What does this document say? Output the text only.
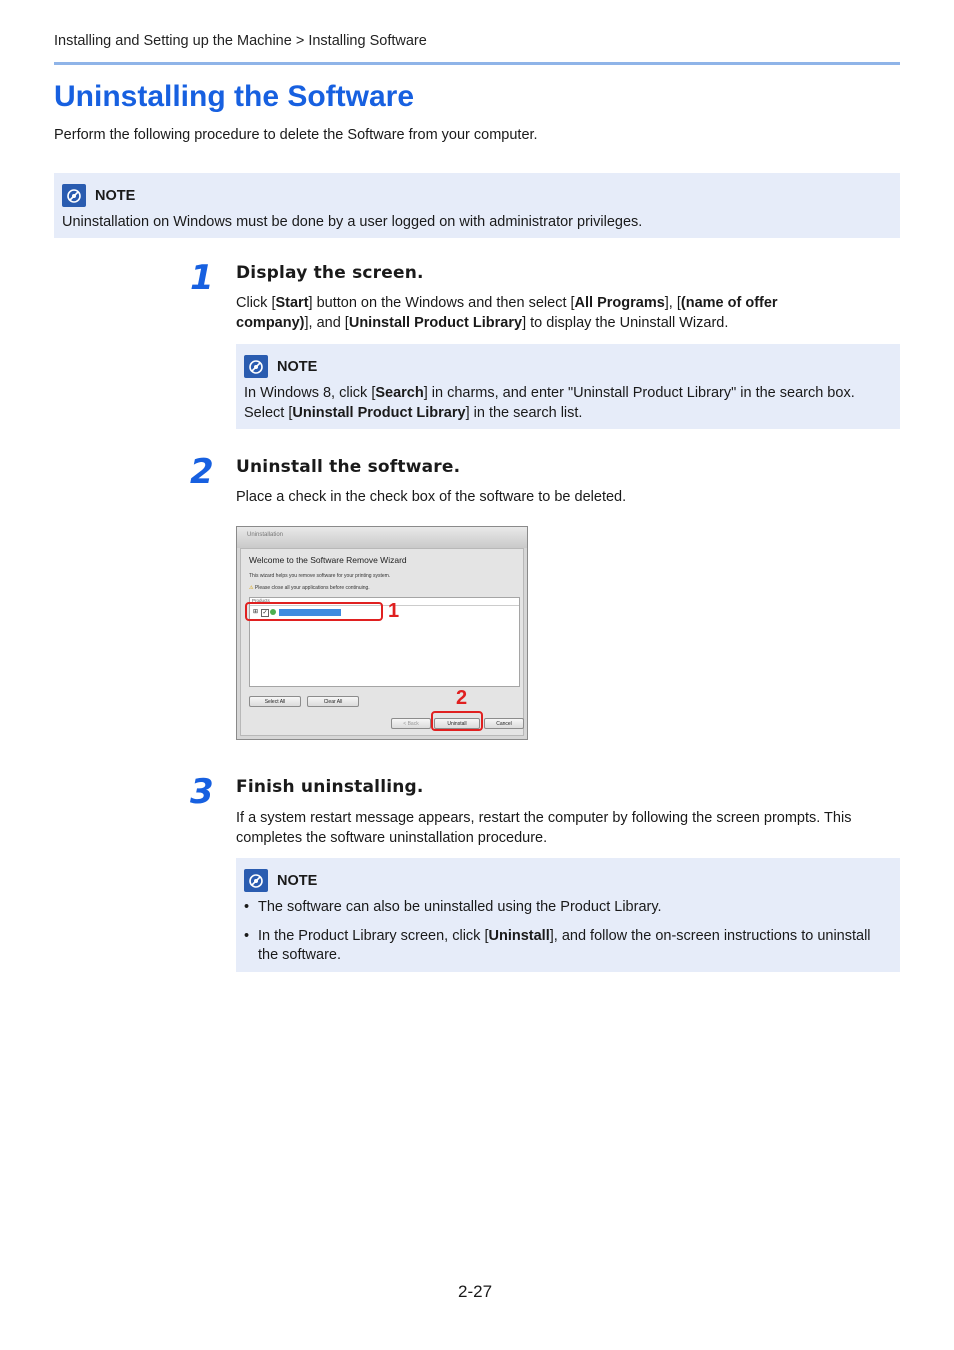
Installing and Setting up the Machine > Installing Software
Uninstalling the Software
Perform the following procedure to delete the Software from your computer.
NOTE
Uninstallation on Windows must be done by a user logged on with administrator privileges.
1 Display the screen.
Click [Start] button on the Windows and then select [All Programs], [(name of offer company)], and [Uninstall Product Library] to display the Uninstall Wizard.
NOTE
In Windows 8, click [Search] in charms, and enter "Uninstall Product Library" in the search box. Select [Uninstall Product Library] in the search list.
2 Uninstall the software.
Place a check in the check box of the software to be deleted.
Uninstallation
Welcome to the Software Remove Wizard
This wizard helps you remove software for your printing system.
⚠ Please close all your applications before continuing.
Products
⊞ ✓
Select All	Clear All
< Back	Uninstall	Cancel
1
2
3 Finish uninstalling.
If a system restart message appears, restart the computer by following the screen prompts. This completes the software uninstallation procedure.
NOTE
• The software can also be uninstalled using the Product Library.
• In the Product Library screen, click [Uninstall], and follow the on-screen instructions to uninstall the software.
2-27
